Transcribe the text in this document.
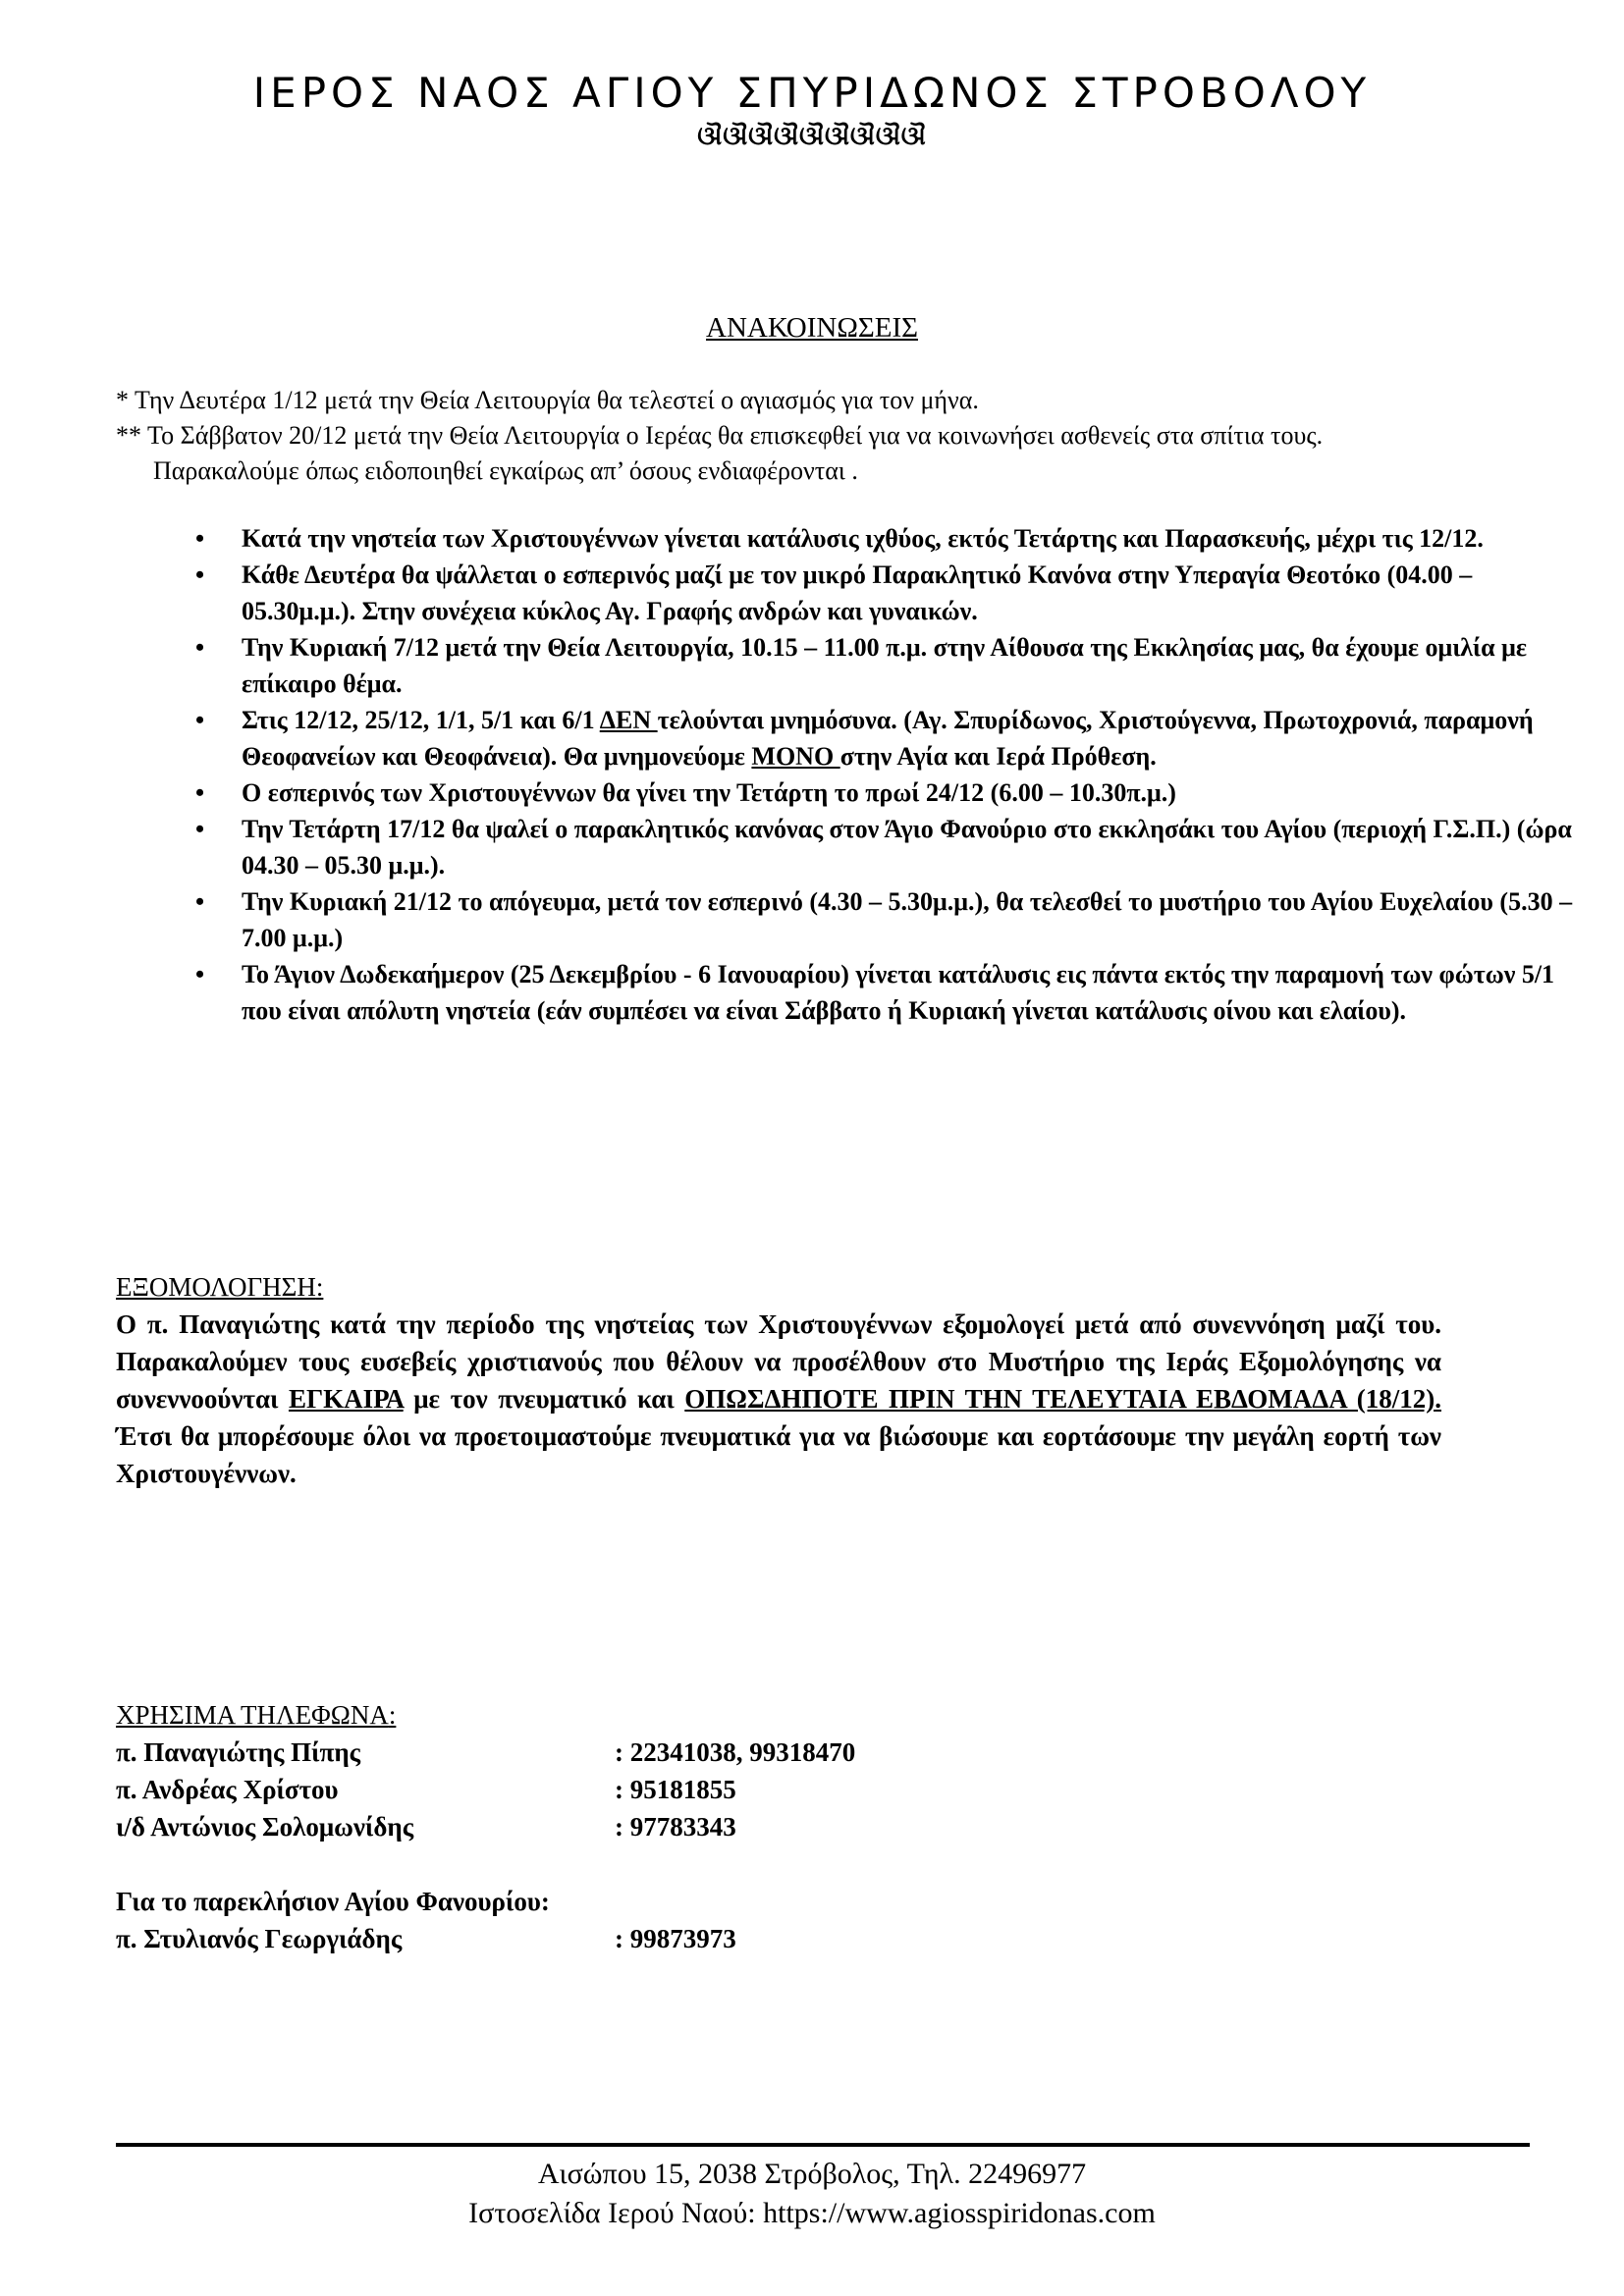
ΙΕΡΟΣ ΝΑΟΣ ΑΓΙΟΥ ΣΠΥΡΙΔΩΝΟΣ ΣΤΡΟΒΟΛΟΥ
ଔଔଔଔଔଔଔଔଔ
ΑΝΑΚΟΙΝΩΣΕΙΣ

* Την Δευτέρα 1/12 μετά την Θεία Λειτουργία θα τελεστεί ο αγιασμός για τον μήνα.

** Το Σάββατον 20/12 μετά την Θεία Λειτουργία ο Ιερέας θα επισκεφθεί για να κοινωνήσει ασθενείς στα σπίτια τους.

Παρακαλούμε όπως ειδοποιηθεί εγκαίρως απ’ όσους ενδιαφέρονται .

• Κατά την νηστεία των Χριστουγέννων γίνεται κατάλυσις ιχθύος, εκτός Τετάρτης και Παρασκευής, μέχρι τις 12/12.
• Κάθε Δευτέρα θα ψάλλεται ο εσπερινός μαζί με τον μικρό Παρακλητικό Κανόνα στην Υπεραγία Θεοτόκο (04.00 – 05.30μ.μ.). Στην συνέχεια κύκλος Αγ. Γραφής ανδρών και γυναικών.
• Την Κυριακή 7/12 μετά την Θεία Λειτουργία, 10.15 – 11.00 π.μ. στην Αίθουσα της Εκκλησίας μας, θα έχουμε ομιλία με επίκαιρο θέμα.
• Στις 12/12, 25/12, 1/1, 5/1 και 6/1 ΔΕΝ τελούνται μνημόσυνα. (Αγ. Σπυρίδωνος, Χριστούγεννα, Πρωτοχρονιά, παραμονή Θεοφανείων και Θεοφάνεια). Θα μνημονεύομε ΜΟΝΟ στην Αγία και Ιερά Πρόθεση.
• Ο εσπερινός των Χριστουγέννων θα γίνει την Τετάρτη το πρωί 24/12 (6.00 – 10.30π.μ.)
• Την Τετάρτη 17/12 θα ψαλεί ο παρακλητικός κανόνας στον Άγιο Φανούριο στο εκκλησάκι του Αγίου (περιοχή Γ.Σ.Π.) (ώρα 04.30 – 05.30 μ.μ.).
• Την Κυριακή 21/12 το απόγευμα, μετά τον εσπερινό (4.30 – 5.30μ.μ.), θα τελεσθεί το μυστήριο του Αγίου Ευχελαίου (5.30 – 7.00 μ.μ.)
• Το Άγιον Δωδεκαήμερον (25 Δεκεμβρίου - 6 Ιανουαρίου) γίνεται κατάλυσις εις πάντα εκτός την παραμονή των φώτων 5/1 που είναι απόλυτη νηστεία (εάν συμπέσει να είναι Σάββατο ή Κυριακή γίνεται κατάλυσις οίνου και ελαίου).
ΕΞΟΜΟΛΟΓΗΣΗ:
Ο π. Παναγιώτης κατά την περίοδο της νηστείας των Χριστουγέννων εξομολογεί μετά από συνεννόηση μαζί του. Παρακαλούμεν τους ευσεβείς χριστιανούς που θέλουν να προσέλθουν στο Μυστήριο της Ιεράς Εξομολόγησης να συνεννοούνται ΕΓΚΑΙΡΑ με τον πνευματικό και ΟΠΩΣΔΗΠΟΤΕ ΠΡΙΝ ΤΗΝ ΤΕΛΕΥΤΑΙΑ ΕΒΔΟΜΑΔΑ (18/12). Έτσι θα μπορέσουμε όλοι να προετοιμαστούμε πνευματικά για να βιώσουμε και εορτάσουμε την μεγάλη εορτή των Χριστουγέννων.
ΧΡΗΣΙΜΑ ΤΗΛΕΦΩΝΑ:
π. Παναγιώτης Πίπης	: 22341038, 99318470
π. Ανδρέας Χρίστου	: 95181855
ι/δ Αντώνιος Σολομωνίδης	: 97783343
Για το παρεκλήσιον Αγίου Φανουρίου:
π. Στυλιανός Γεωργιάδης	: 99873973
Αισώπου 15, 2038 Στρόβολος, Τηλ. 22496977
Ιστοσελίδα Ιερού Ναού: https://www.agiosspiridonas.com
